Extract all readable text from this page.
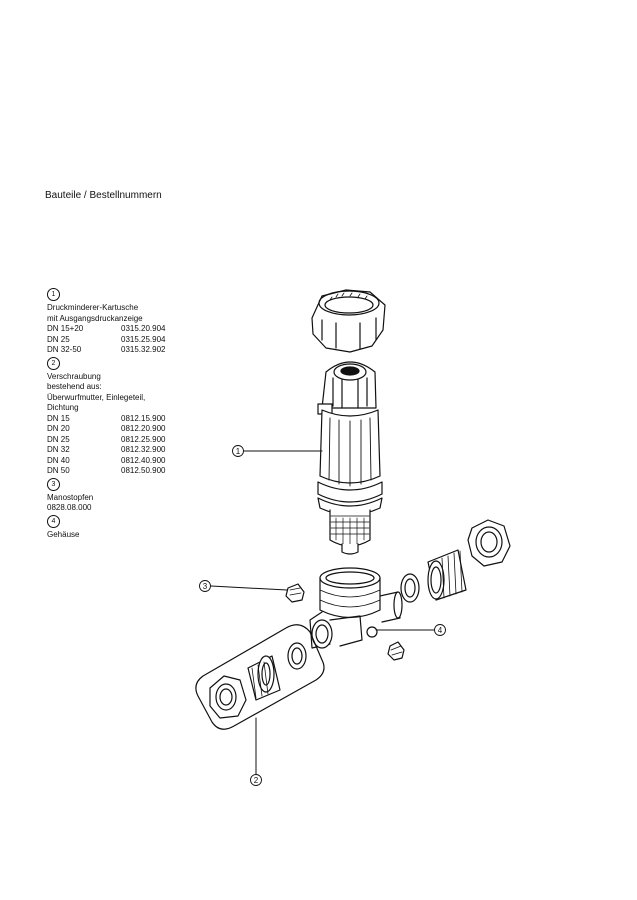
Bauteile / Bestellnummern
1
Druckminderer-Kartusche
mit Ausgangsdruckanzeige
DN 15+20	0315.20.904
DN 25	0315.25.904
DN 32-50	0315.32.902
2
Verschraubung
bestehend aus:
Überwurfmutter, Einlegeteil,
Dichtung
DN 15	0812.15.900
DN 20	0812.20.900
DN 25	0812.25.900
DN 32	0812.32.900
DN 40	0812.40.900
DN 50	0812.50.900
3
Manostopfen
0828.08.000
4
Gehäuse
1
3
4
2
